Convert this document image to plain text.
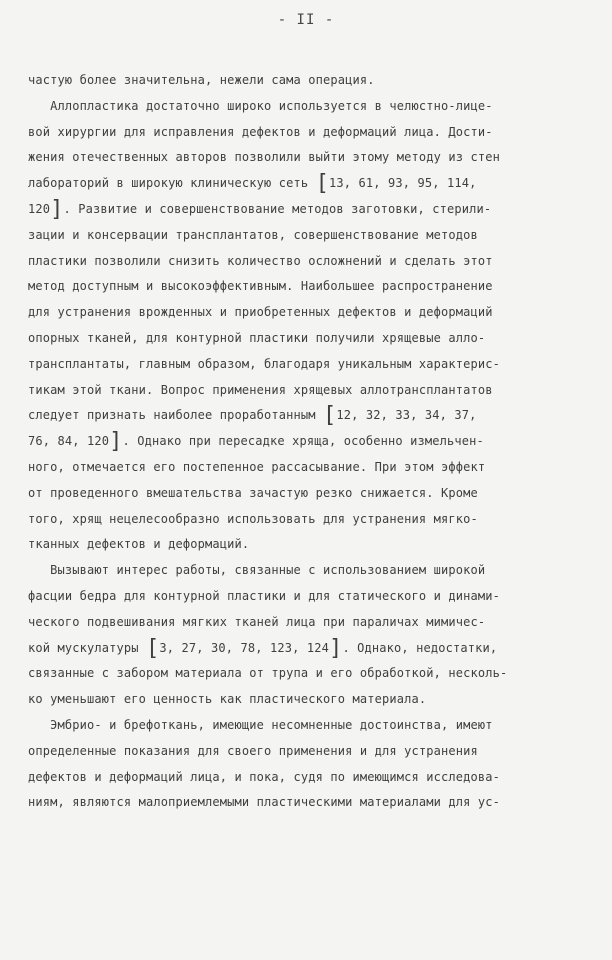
- II -
частую более значительна, нежели сама операция.
Аллопластика достаточно широко используется в челюстно-лице-
вой хирургии для исправления дефектов и деформаций лица. Дости-
жения отечественных авторов позволили выйти этому методу из стен
лабораторий в широкую клиническую сеть [13, 61, 93, 95, 114,
120]. Развитие и совершенствование методов заготовки, стерили-
зации и консервации трансплантатов, совершенствование методов
пластики позволили снизить количество осложнений и сделать этот
метод доступным и высокоэффективным. Наибольшее распространение
для устранения врожденных и приобретенных дефектов и деформаций
опорных тканей, для контурной пластики получили хрящевые алло-
трансплантаты, главным образом, благодаря уникальным характерис-
тикам этой ткани. Вопрос применения хрящевых аллотрансплантатов
следует признать наиболее проработанным [12, 32, 33, 34, 37,
76, 84, 120]. Однако при пересадке хряща, особенно измельчен-
ного, отмечается его постепенное рассасывание. При этом эффект
от проведенного вмешательства зачастую резко снижается. Кроме
того, хрящ нецелесообразно использовать для устранения мягко-
тканных дефектов и деформаций.
Вызывают интерес работы, связанные с использованием широкой
фасции бедра для контурной пластики и для статического и динами-
ческого подвешивания мягких тканей лица при параличах мимичес-
кой мускулатуры [3, 27, 30, 78, 123, 124]. Однако, недостатки,
связанные с забором материала от трупа и его обработкой, несколь-
ко уменьшают его ценность как пластического материала.
Эмбрио- и брефоткань, имеющие несомненные достоинства, имеют
определенные показания для своего применения и для устранения
дефектов и деформаций лица, и пока, судя по имеющимся исследова-
ниям, являются малоприемлемыми пластическими материалами для ус-
